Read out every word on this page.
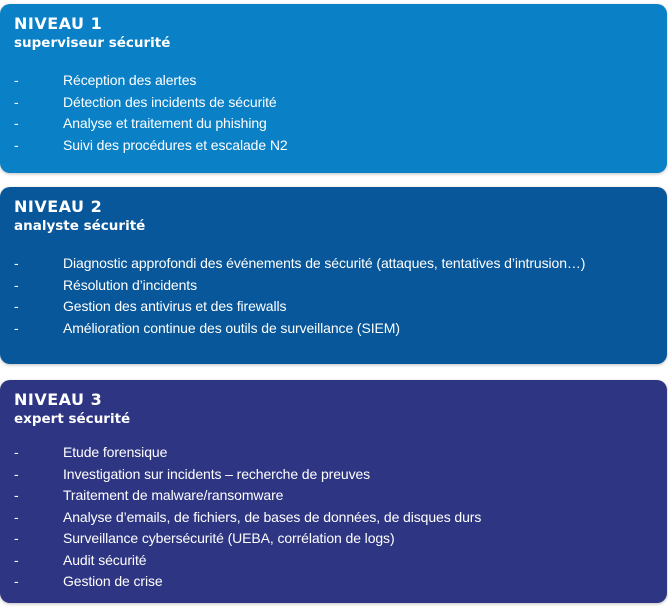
NIVEAU 1
superviseur sécurité
-	Réception des alertes
-	Détection des incidents de sécurité
-	Analyse et traitement du phishing
-	Suivi des procédures et escalade N2
NIVEAU 2
analyste sécurité
-	Diagnostic approfondi des événements de sécurité (attaques, tentatives d’intrusion…)
-	Résolution d’incidents
-	Gestion des antivirus et des firewalls
-	Amélioration continue des outils de surveillance (SIEM)
NIVEAU 3
expert sécurité
-	Etude forensique
-	Investigation sur incidents – recherche de preuves
-	Traitement de malware/ransomware
-	Analyse d’emails, de fichiers, de bases de données, de disques durs
-	Surveillance cybersécurité (UEBA, corrélation de logs)
-	Audit sécurité
-	Gestion de crise
